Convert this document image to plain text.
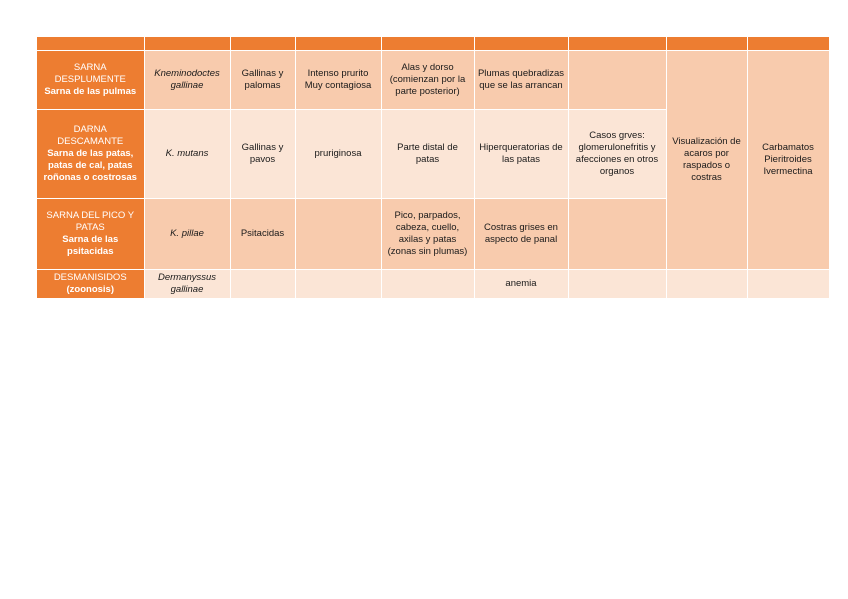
SARNA DESPLUMENTE
Sarna de las pulmas	Kneminodoctes gallinae	Gallinas y palomas	Intenso prurito Muy contagiosa	Alas y dorso (comienzan por la parte posterior)	Plumas quebradizas que se las arrancan		Visualización de acaros por raspados o costras	Carbamatos Pieritroides Ivermectina

DARNA DESCAMANTE
Sarna de las patas, patas de cal, patas roñonas o costrosas	K. mutans	Gallinas y pavos	pruriginosa	Parte distal de patas	Hiperqueratorias de las patas	Casos grves: glomerulonefritis y afecciones en otros organos		

SARNA DEL PICO Y PATAS
Sarna de las psitacidas	K. pillae	Psitacidas		Pico, parpados, cabeza, cuello, axilas y patas (zonas sin plumas)	Costras grises en aspecto de panal			

DESMANISIDOS
(zoonosis)	Dermanyssus gallinae				anemia			
